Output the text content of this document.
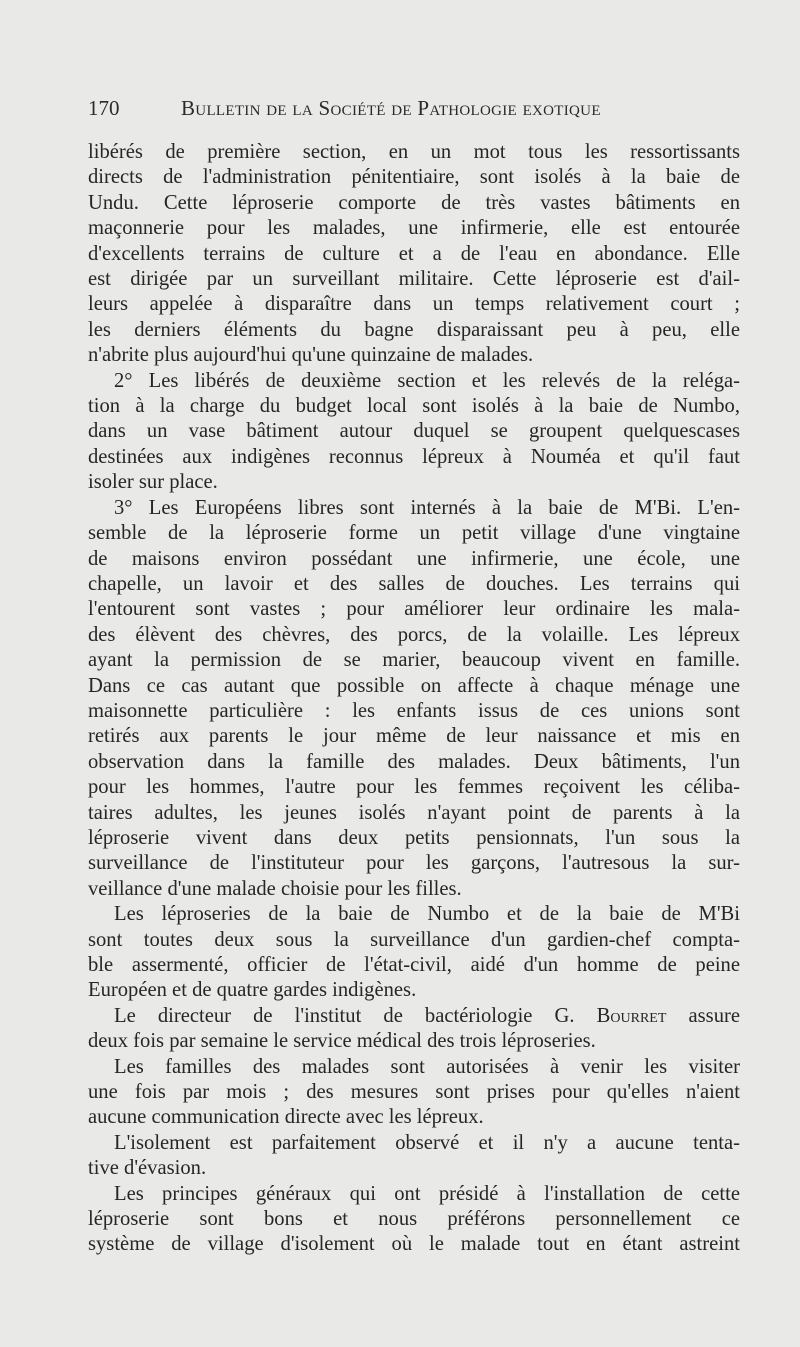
170	Bulletin de la Société de Pathologie exotique
libérés de première section, en un mot tous les ressortissants
directs de l'administration pénitentiaire, sont isolés à la baie de
Undu. Cette léproserie comporte de très vastes bâtiments en
maçonnerie pour les malades, une infirmerie, elle est entourée
d'excellents terrains de culture et a de l'eau en abondance. Elle
est dirigée par un surveillant militaire. Cette léproserie est d'ail-
leurs appelée à disparaître dans un temps relativement court ;
les derniers éléments du bagne disparaissant peu à peu, elle
n'abrite plus aujourd'hui qu'une quinzaine de malades.
2° Les libérés de deuxième section et les relevés de la reléga-
tion à la charge du budget local sont isolés à la baie de Numbo,
dans un vase bâtiment autour duquel se groupent quelquescases
destinées aux indigènes reconnus lépreux à Nouméa et qu'il faut
isoler sur place.
3° Les Européens libres sont internés à la baie de M'Bi. L'en-
semble de la léproserie forme un petit village d'une vingtaine
de maisons environ possédant une infirmerie, une école, une
chapelle, un lavoir et des salles de douches. Les terrains qui
l'entourent sont vastes ; pour améliorer leur ordinaire les mala-
des élèvent des chèvres, des porcs, de la volaille. Les lépreux
ayant la permission de se marier, beaucoup vivent en famille.
Dans ce cas autant que possible on affecte à chaque ménage une
maisonnette particulière : les enfants issus de ces unions sont
retirés aux parents le jour même de leur naissance et mis en
observation dans la famille des malades. Deux bâtiments, l'un
pour les hommes, l'autre pour les femmes reçoivent les céliba-
taires adultes, les jeunes isolés n'ayant point de parents à la
léproserie vivent dans deux petits pensionnats, l'un sous la
surveillance de l'instituteur pour les garçons, l'autresous la sur-
veillance d'une malade choisie pour les filles.
Les léproseries de la baie de Numbo et de la baie de M'Bi
sont toutes deux sous la surveillance d'un gardien-chef compta-
ble assermenté, officier de l'état-civil, aidé d'un homme de peine
Européen et de quatre gardes indigènes.
Le directeur de l'institut de bactériologie G. Bourret assure
deux fois par semaine le service médical des trois léproseries.
Les familles des malades sont autorisées à venir les visiter
une fois par mois ; des mesures sont prises pour qu'elles n'aient
aucune communication directe avec les lépreux.
L'isolement est parfaitement observé et il n'y a aucune tenta-
tive d'évasion.
Les principes généraux qui ont présidé à l'installation de cette
léproserie sont bons et nous préférons personnellement ce
système de village d'isolement où le malade tout en étant astreint
